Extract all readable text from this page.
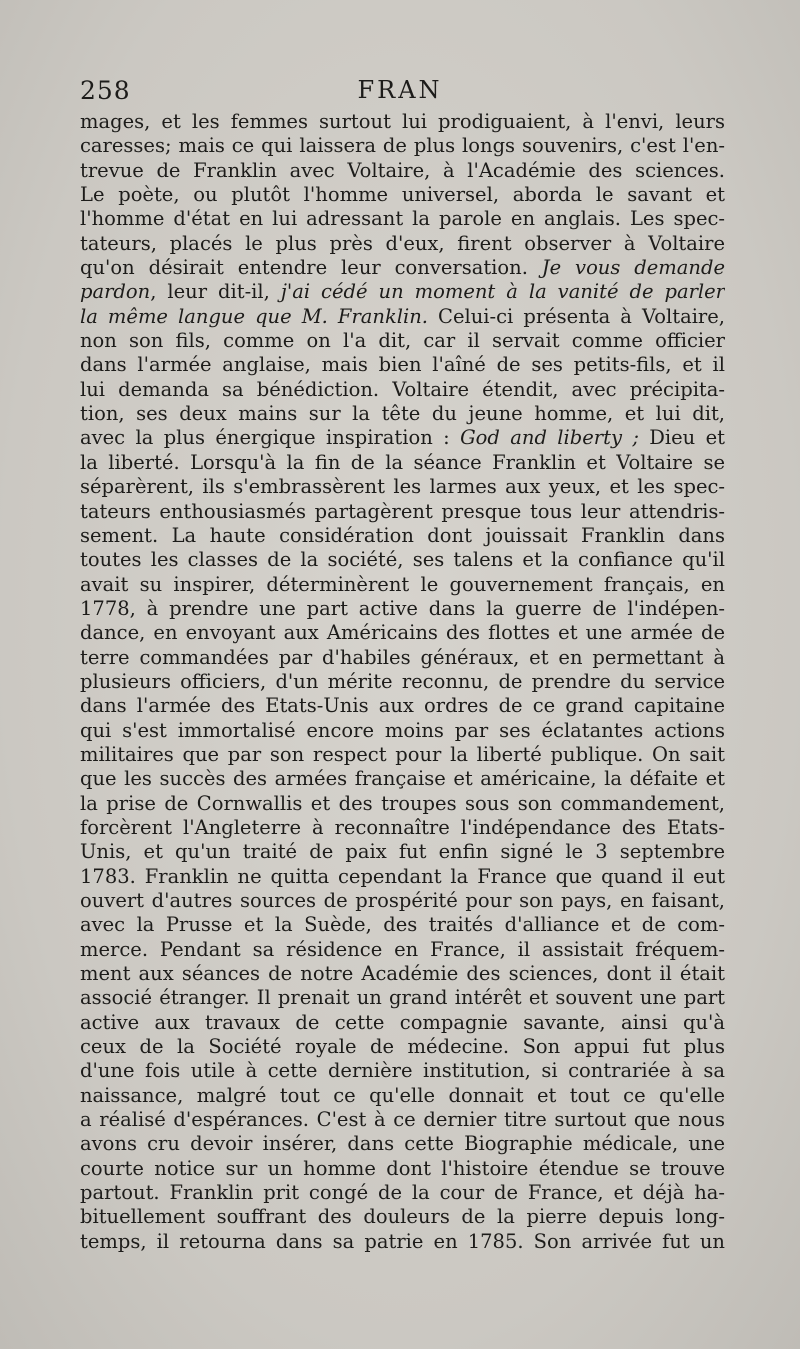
258	FRAN
mages, et les femmes surtout lui prodiguaient, à l'envi, leurs
caresses; mais ce qui laissera de plus longs souvenirs, c'est l'en-
trevue de Franklin avec Voltaire, à l'Académie des sciences.
Le poète, ou plutôt l'homme universel, aborda le savant et
l'homme d'état en lui adressant la parole en anglais. Les spec-
tateurs, placés le plus près d'eux, firent observer à Voltaire
qu'on désirait entendre leur conversation. Je vous demande
pardon, leur dit-il, j'ai cédé un moment à la vanité de parler
la même langue que M. Franklin. Celui-ci présenta à Voltaire,
non son fils, comme on l'a dit, car il servait comme officier
dans l'armée anglaise, mais bien l'aîné de ses petits-fils, et il
lui demanda sa bénédiction. Voltaire étendit, avec précipita-
tion, ses deux mains sur la tête du jeune homme, et lui dit,
avec la plus énergique inspiration : God and liberty ; Dieu et
la liberté. Lorsqu'à la fin de la séance Franklin et Voltaire se
séparèrent, ils s'embrassèrent les larmes aux yeux, et les spec-
tateurs enthousiasmés partagèrent presque tous leur attendris-
sement. La haute considération dont jouissait Franklin dans
toutes les classes de la société, ses talens et la confiance qu'il
avait su inspirer, déterminèrent le gouvernement français, en
1778, à prendre une part active dans la guerre de l'indépen-
dance, en envoyant aux Américains des flottes et une armée de
terre commandées par d'habiles généraux, et en permettant à
plusieurs officiers, d'un mérite reconnu, de prendre du service
dans l'armée des Etats-Unis aux ordres de ce grand capitaine
qui s'est immortalisé encore moins par ses éclatantes actions
militaires que par son respect pour la liberté publique. On sait
que les succès des armées française et américaine, la défaite et
la prise de Cornwallis et des troupes sous son commandement,
forcèrent l'Angleterre à reconnaître l'indépendance des Etats-
Unis, et qu'un traité de paix fut enfin signé le 3 septembre
1783. Franklin ne quitta cependant la France que quand il eut
ouvert d'autres sources de prospérité pour son pays, en faisant,
avec la Prusse et la Suède, des traités d'alliance et de com-
merce. Pendant sa résidence en France, il assistait fréquem-
ment aux séances de notre Académie des sciences, dont il était
associé étranger. Il prenait un grand intérêt et souvent une part
active aux travaux de cette compagnie savante, ainsi qu'à
ceux de la Société royale de médecine. Son appui fut plus
d'une fois utile à cette dernière institution, si contrariée à sa
naissance, malgré tout ce qu'elle donnait et tout ce qu'elle
a réalisé d'espérances. C'est à ce dernier titre surtout que nous
avons cru devoir insérer, dans cette Biographie médicale, une
courte notice sur un homme dont l'histoire étendue se trouve
partout. Franklin prit congé de la cour de France, et déjà ha-
bituellement souffrant des douleurs de la pierre depuis long-
temps, il retourna dans sa patrie en 1785. Son arrivée fut un
